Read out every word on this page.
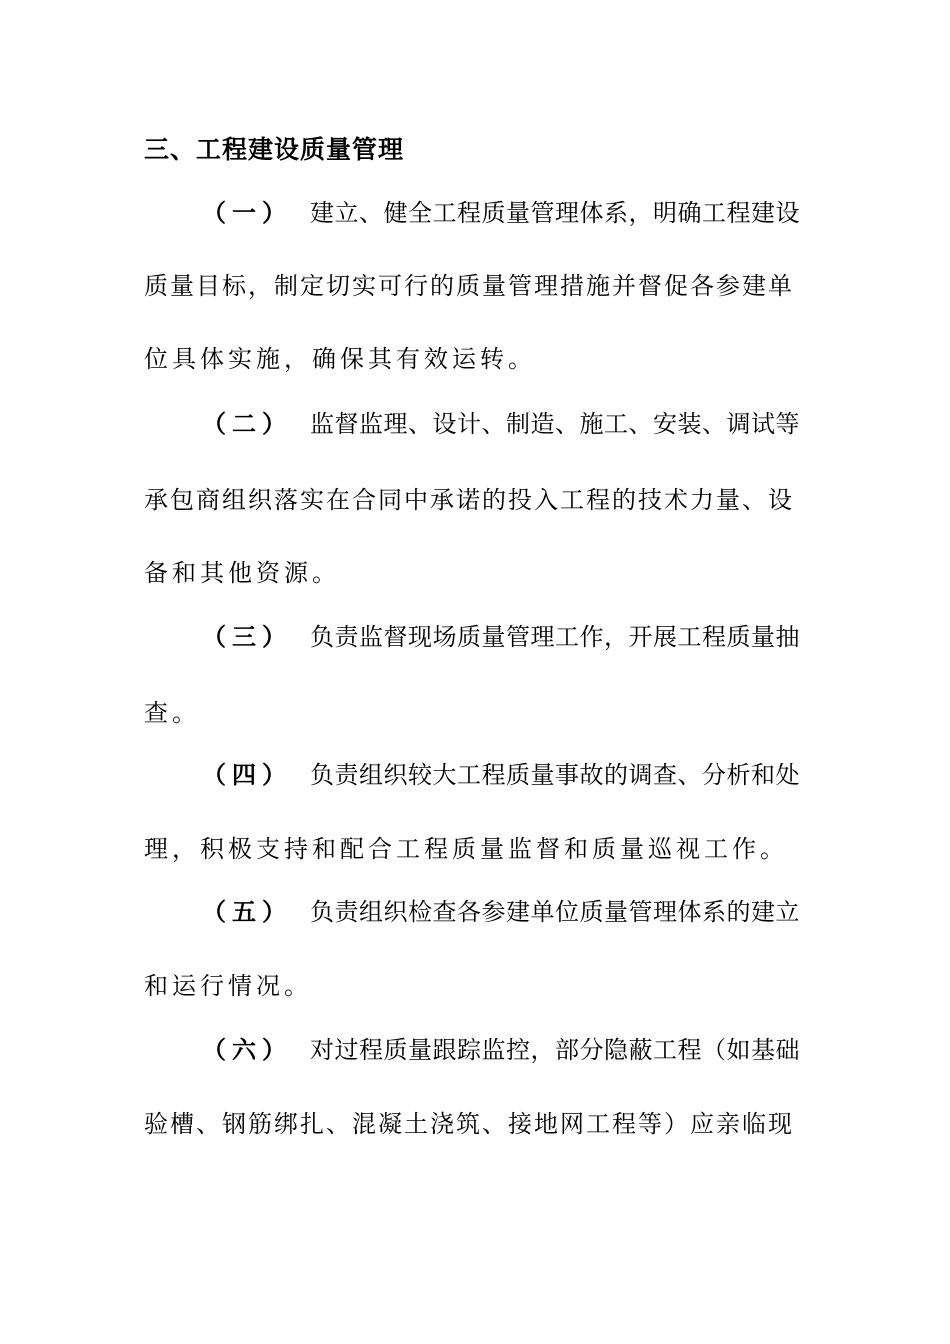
三、工程建设质量管理
（一） 建立、健全工程质量管理体系，明确工程建设
质量目标，制定切实可行的质量管理措施并督促各参建单
位具体实施，确保其有效运转。
（二） 监督监理、设计、制造、施工、安装、调试等
承包商组织落实在合同中承诺的投入工程的技术力量、设
备和其他资源。
（三） 负责监督现场质量管理工作，开展工程质量抽
查。
（四） 负责组织较大工程质量事故的调查、分析和处
理，积极支持和配合工程质量监督和质量巡视工作。
（五） 负责组织检查各参建单位质量管理体系的建立
和运行情况。
（六） 对过程质量跟踪监控，部分隐蔽工程（如基础
验槽、钢筋绑扎、混凝土浇筑、接地网工程等）应亲临现
